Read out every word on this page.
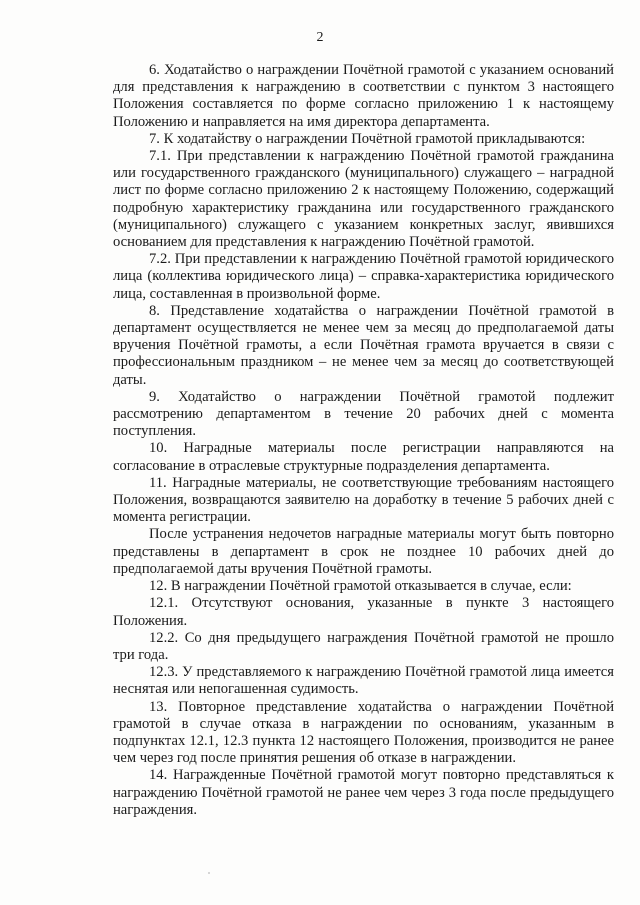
2

6. Ходатайство о награждении Почётной грамотой с указанием оснований для представления к награждению в соответствии с пунктом 3 настоящего Положения составляется по форме согласно приложению 1 к настоящему Положению и направляется на имя директора департамента.

7. К ходатайству о награждении Почётной грамотой прикладываются:

7.1. При представлении к награждению Почётной грамотой гражданина или государственного гражданского (муниципального) служащего – наградной лист по форме согласно приложению 2 к настоящему Положению, содержащий подробную характеристику гражданина или государственного гражданского (муниципального) служащего с указанием конкретных заслуг, явившихся основанием для представления к награждению Почётной грамотой.

7.2. При представлении к награждению Почётной грамотой юридического лица (коллектива юридического лица) – справка-характеристика юридического лица, составленная в произвольной форме.

8. Представление ходатайства о награждении Почётной грамотой в департамент осуществляется не менее чем за месяц до предполагаемой даты вручения Почётной грамоты, а если Почётная грамота вручается в связи с профессиональным праздником – не менее чем за месяц до соответствующей даты.

9. Ходатайство о награждении Почётной грамотой подлежит рассмотрению департаментом в течение 20 рабочих дней с момента поступления.

10. Наградные материалы после регистрации направляются на согласование в отраслевые структурные подразделения департамента.

11. Наградные материалы, не соответствующие требованиям настоящего Положения, возвращаются заявителю на доработку в течение 5 рабочих дней с момента регистрации.

После устранения недочетов наградные материалы могут быть повторно представлены в департамент в срок не позднее 10 рабочих дней до предполагаемой даты вручения Почётной грамоты.

12. В награждении Почётной грамотой отказывается в случае, если:

12.1. Отсутствуют основания, указанные в пункте 3 настоящего Положения.

12.2. Со дня предыдущего награждения Почётной грамотой не прошло три года.

12.3. У представляемого к награждению Почётной грамотой лица имеется неснятая или непогашенная судимость.

13. Повторное представление ходатайства о награждении Почётной грамотой в случае отказа в награждении по основаниям, указанным в подпунктах 12.1, 12.3 пункта 12 настоящего Положения, производится не ранее чем через год после принятия решения об отказе в награждении.

14. Награжденные Почётной грамотой могут повторно представляться к награждению Почётной грамотой не ранее чем через 3 года после предыдущего награждения.
